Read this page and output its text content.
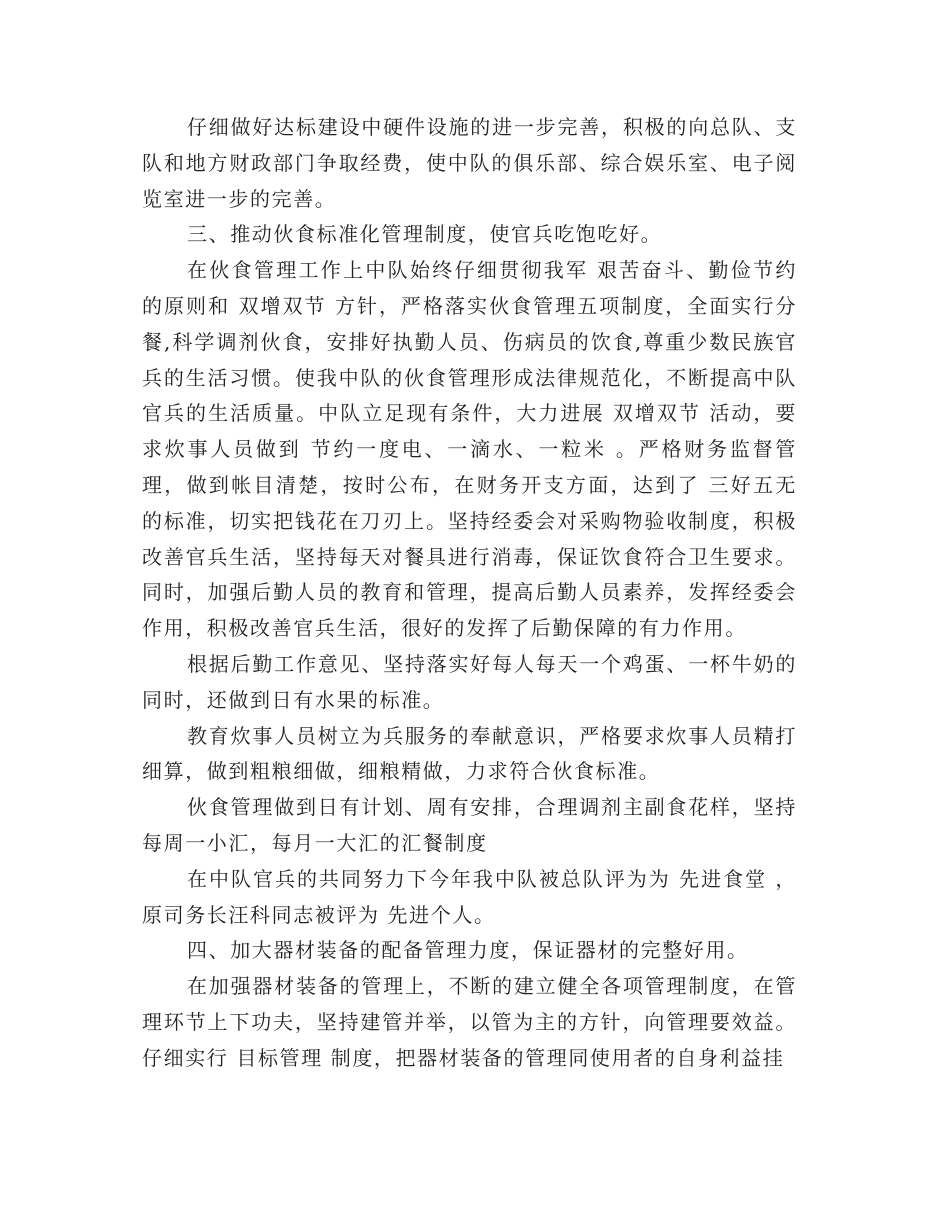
仔细做好达标建设中硬件设施的进一步完善，积极的向总队、支队和地方财政部门争取经费，使中队的俱乐部、综合娱乐室、电子阅览室进一步的完善。

三、推动伙食标准化管理制度，使官兵吃饱吃好。

在伙食管理工作上中队始终仔细贯彻我军 艰苦奋斗、勤俭节约 的原则和 双增双节 方针，严格落实伙食管理五项制度，全面实行分餐,科学调剂伙食，安排好执勤人员、伤病员的饮食,尊重少数民族官兵的生活习惯。使我中队的伙食管理形成法律规范化，不断提高中队官兵的生活质量。中队立足现有条件，大力进展 双增双节 活动，要求炊事人员做到 节约一度电、一滴水、一粒米 。严格财务监督管理，做到帐目清楚，按时公布，在财务开支方面，达到了 三好五无 的标准，切实把钱花在刀刃上。坚持经委会对采购物验收制度，积极改善官兵生活，坚持每天对餐具进行消毒，保证饮食符合卫生要求。同时，加强后勤人员的教育和管理，提高后勤人员素养，发挥经委会作用，积极改善官兵生活，很好的发挥了后勤保障的有力作用。

根据后勤工作意见、坚持落实好每人每天一个鸡蛋、一杯牛奶的同时，还做到日有水果的标准。

教育炊事人员树立为兵服务的奉献意识，严格要求炊事人员精打细算，做到粗粮细做，细粮精做，力求符合伙食标准。

伙食管理做到日有计划、周有安排，合理调剂主副食花样，坚持每周一小汇，每月一大汇的汇餐制度

在中队官兵的共同努力下今年我中队被总队评为为 先进食堂 ，原司务长汪科同志被评为 先进个人。

四、加大器材装备的配备管理力度，保证器材的完整好用。

在加强器材装备的管理上，不断的建立健全各项管理制度，在管理环节上下功夫，坚持建管并举，以管为主的方针，向管理要效益。仔细实行 目标管理 制度，把器材装备的管理同使用者的自身利益挂
